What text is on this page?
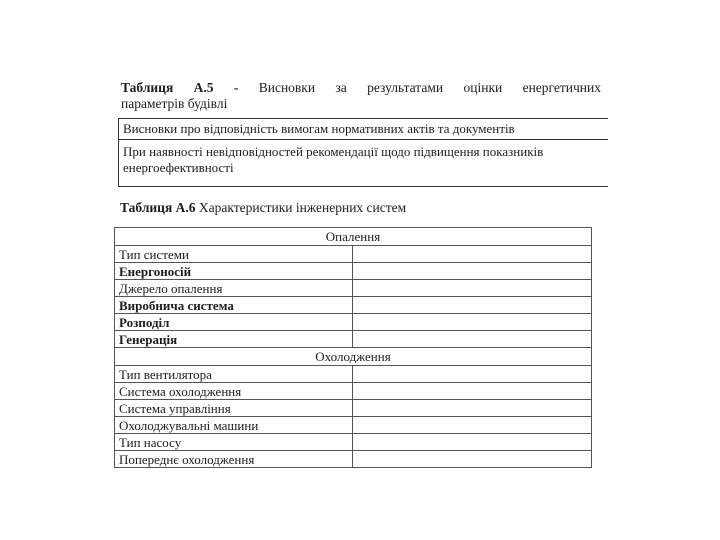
Таблиця А.5 - Висновки за результатами оцінки енергетичних
параметрів будівлі
Висновки про відповідність вимогам нормативних актів та документів
При наявності невідповідностей рекомендації щодо підвищення показників енергоефективності
Таблиця А.6 Характеристики інженерних систем
Опалення	
Тип системи	
Енергоносій	
Джерело опалення	
Виробнича система	
Розподіл	
Генерація	
Охолодження	
Тип вентилятора	
Система охолодження	
Система управління	
Охолоджувальні машини	
Тип насосу	
Попереднє охолодження	
